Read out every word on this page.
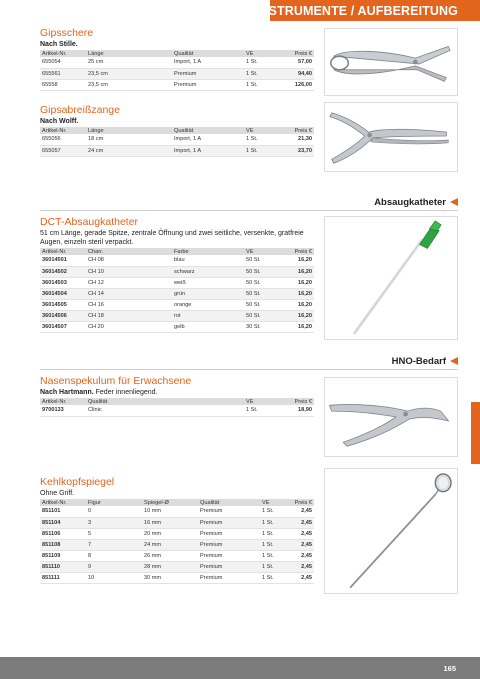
INSTRUMENTE / AUFBEREITUNG
Gipsschere
Nach Stille.
Artikel-Nr.	Länge	Qualität	VE	Preis €
655054	25 cm	Import, 1 A	1 St.	57,00
655561	23,5 cm	Premium	1 St.	94,40
65558	23,5 cm	Premium	1 St.	126,00
Gipsabreißzange
Nach Wolff.
Artikel-Nr.	Länge	Qualität	VE	Preis €
655056	18 cm	Import, 1 A	1 St.	21,30
655057	24 cm	Import, 1 A	1 St.	23,70
Absaugkatheter
DCT-Absaugkatheter
51 cm Länge, gerade Spitze, zentrale Öffnung und zwei seitliche, versenkte, gratfreie Augen, einzeln steril verpackt.
Artikel-Nr.	Charr.	Farbe	VE	Preis €
36014501	CH 08	blau	50 St.	16,20
36014502	CH 10	schwarz	50 St.	16,20
36014503	CH 12	weiß	50 St.	16,20
36014504	CH 14	grün	50 St.	16,20
36014505	CH 16	orange	50 St.	16,20
36014506	CH 18	rot	50 St.	16,20
36014507	CH 20	gelb	30 St.	16,20
HNO-Bedarf
Nasenspekulum für Erwachsene
Nach Hartmann. Feder innenliegend.
Artikel-Nr.	Qualität	VE	Preis €
9700133	Clinic	1 St.	18,90
Kehlkopfspiegel
Ohne Griff.
Artikel-Nr.	Figur	Spiegel-Ø	Qualität	VE	Preis €
851101	0	10 mm	Premium	1 St.	2,45
851104	3	16 mm	Premium	1 St.	2,45
851106	5	20 mm	Premium	1 St.	2,45
851108	7	24 mm	Premium	1 St.	2,45
851109	8	26 mm	Premium	1 St.	2,45
851110	9	28 mm	Premium	1 St.	2,45
851111	10	30 mm	Premium	1 St.	2,45
165
